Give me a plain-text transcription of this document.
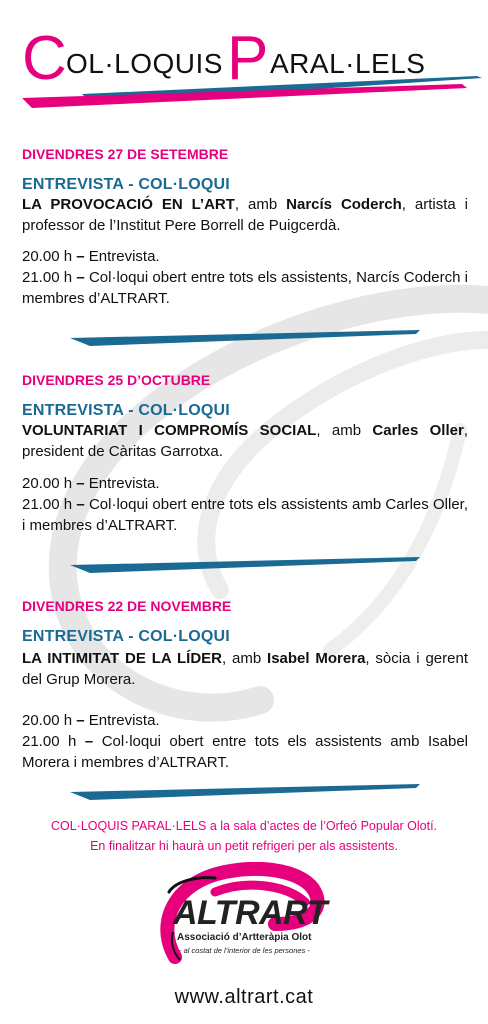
C OL·LOQUIS P ARAL·LELS
DIVENDRES 27 DE SETEMBRE
ENTREVISTA - COL·LOQUI
LA PROVOCACIÓ EN L’ART, amb Narcís Coderch, artista i professor de l’Institut Pere Borrell de Puigcerdà.
20.00 h – Entrevista.
21.00 h – Col·loqui obert entre tots els assistents, Narcís Coderch i membres d’ALTRART.
DIVENDRES 25 D’OCTUBRE
ENTREVISTA - COL·LOQUI
VOLUNTARIAT I COMPROMÍS SOCIAL, amb Carles Oller, president de Càritas Garrotxa.
20.00 h – Entrevista.
21.00 h – Col·loqui obert entre tots els assistents amb Carles Oller, i membres d’ALTRART.
DIVENDRES 22 DE NOVEMBRE
ENTREVISTA - COL·LOQUI
LA INTIMITAT DE LA LÍDER, amb Isabel Morera, sòcia i gerent del Grup Morera.
20.00 h – Entrevista.
21.00 h – Col·loqui obert entre tots els assistents amb Isabel Morera i membres d’ALTRART.
COL·LOQUIS PARAL·LELS a la sala d’actes de l’Orfeó Popular Olotí.
En finalitzar hi haurà un petit refrigeri per als assistents.
ALTRART
Associació d’Artteràpia Olot
- al costat de l’interior de les persones -
www.altrart.cat
